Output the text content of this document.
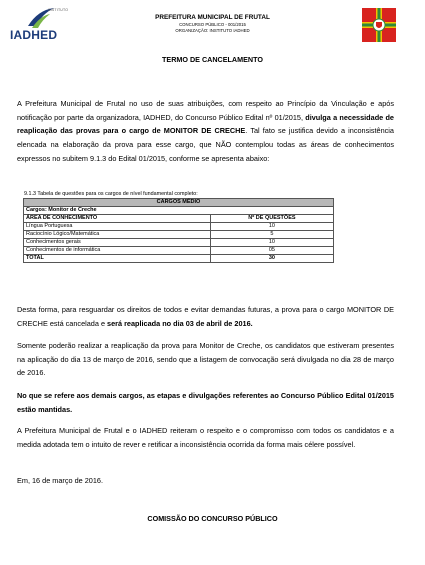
INSTITUTO
IADHED
PREFEITURA MUNICIPAL DE FRUTAL
CONCURSO PÚBLICO - 001/2015
ORGANIZAÇÃO: INSTITUTO IADHED
TERMO DE CANCELAMENTO
A Prefeitura Municipal de Frutal no uso de suas atribuições, com respeito ao Princípio da Vinculação e após notificação por parte da organizadora, IADHED, do Concurso Público Edital nº 01/2015, divulga a necessidade de reaplicação das provas para o cargo de MONITOR DE CRECHE. Tal fato se justifica devido a inconsistência elencada na elaboração da prova para esse cargo, que NÃO contemplou todas as áreas de conhecimentos expressos no subitem 9.1.3 do Edital 01/2015, conforme se apresenta abaixo:
9.1.3 Tabela de questões para os cargos de nível fundamental completo:
CARGOS MÉDIO	
Cargos: Monitor de Creche	
ÁREA DE CONHECIMENTO	Nº DE QUESTÕES
Língua Portuguesa	10
Raciocínio Lógico/Matemática	5
Conhecimentos gerais	10
Conhecimentos de informática	05
TOTAL	30
Desta forma, para resguardar os direitos de todos e evitar demandas futuras, a prova para o cargo MONITOR DE CRECHE está cancelada e será reaplicada no dia 03 de abril de 2016.
Somente poderão realizar a reaplicação da prova para Monitor de Creche, os candidatos que estiveram presentes na aplicação do dia 13 de março de 2016, sendo que a listagem de convocação será divulgada no dia 28 de março de 2016.
No que se refere aos demais cargos, as etapas e divulgações referentes ao Concurso Público Edital 01/2015 estão mantidas.
A Prefeitura Municipal de Frutal e o IADHED reiteram o respeito e o compromisso com todos os candidatos e a medida adotada tem o intuito de rever e retificar a inconsistência ocorrida da forma mais célere possível.
Em, 16 de março de 2016.
COMISSÃO DO CONCURSO PÚBLICO
